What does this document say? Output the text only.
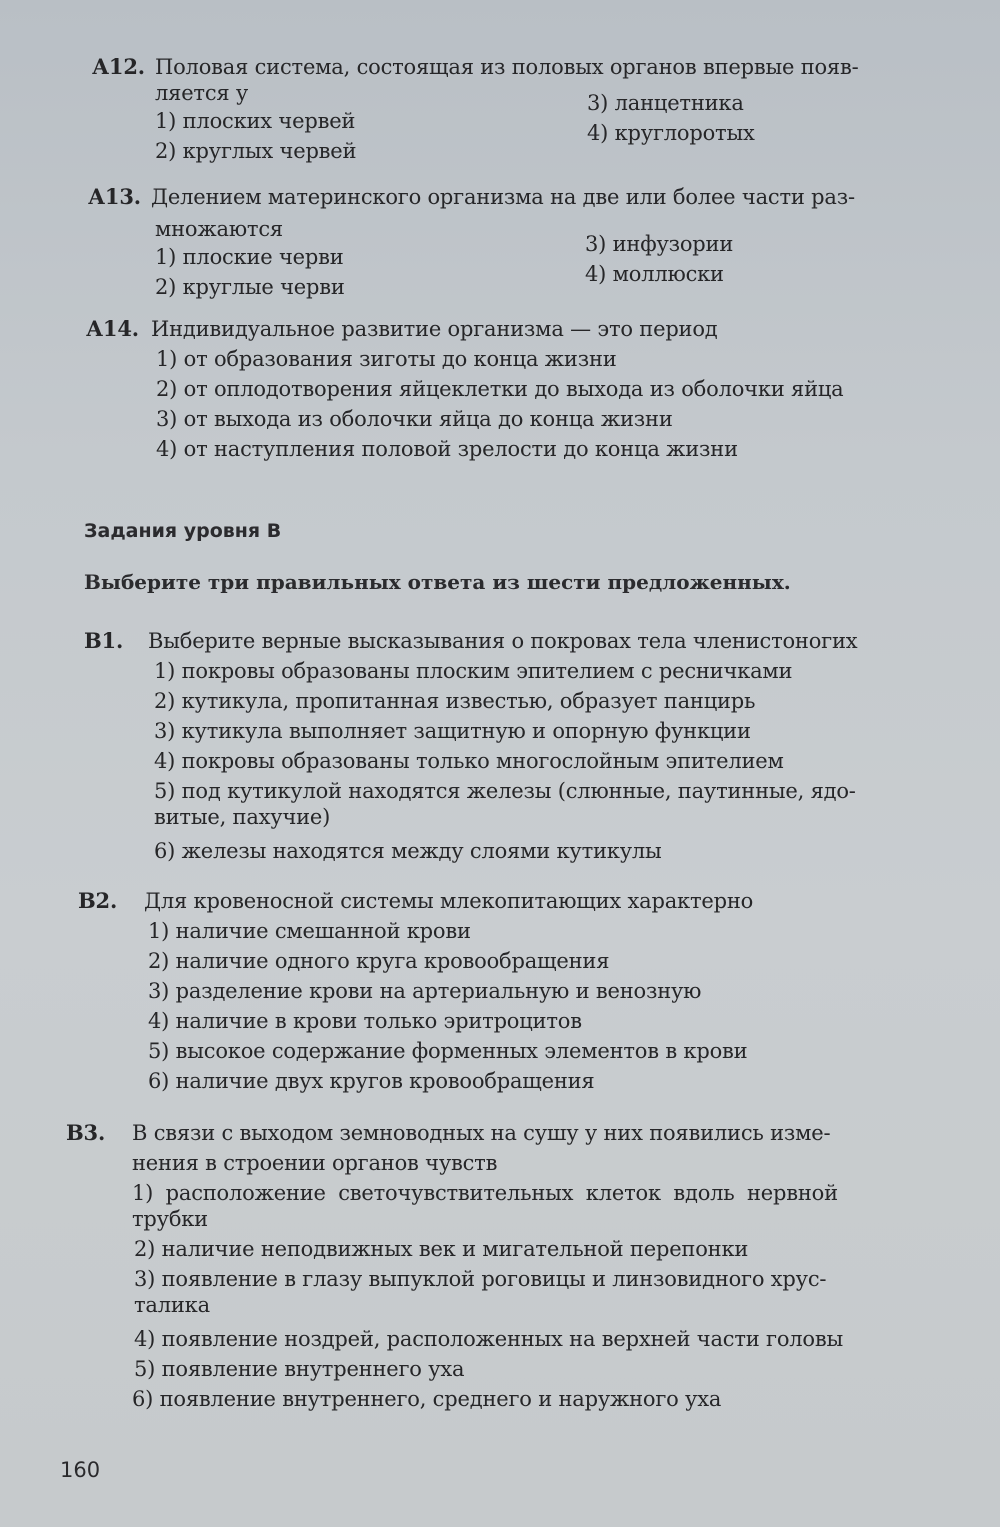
А12. Половая система, состоящая из половых органов впервые появ-
ляется у
1) плоских червей
2) круглых червей
3) ланцетника
4) круглоротых
А13. Делением материнского организма на две или более части раз-
множаются
1) плоские черви
2) круглые черви
3) инфузории
4) моллюски
А14. Индивидуальное развитие организма — это период
1) от образования зиготы до конца жизни
2) от оплодотворения яйцеклетки до выхода из оболочки яйца
3) от выхода из оболочки яйца до конца жизни
4) от наступления половой зрелости до конца жизни
Задания уровня В
Выберите три правильных ответа из шести предложенных.
В1.	Выберите верные высказывания о покровах тела членистоногих
1) покровы образованы плоским эпителием с ресничками
2) кутикула, пропитанная известью, образует панцирь
3) кутикула выполняет защитную и опорную функции
4) покровы образованы только многослойным эпителием
5) под кутикулой находятся железы (слюнные, паутинные, ядо-
витые, пахучие)
6) железы находятся между слоями кутикулы
В2.	Для кровеносной системы млекопитающих характерно
1) наличие смешанной крови
2) наличие одного круга кровообращения
3) разделение крови на артериальную и венозную
4) наличие в крови только эритроцитов
5) высокое содержание форменных элементов в крови
6) наличие двух кругов кровообращения
В3.	В связи с выходом земноводных на сушу у них появились изме-
нения в строении органов чувств
1) расположение светочувствительных клеток вдоль нервной
трубки
2) наличие неподвижных век и мигательной перепонки
3) появление в глазу выпуклой роговицы и линзовидного хрус-
талика
4) появление ноздрей, расположенных на верхней части головы
5) появление внутреннего уха
6) появление внутреннего, среднего и наружного уха
160
